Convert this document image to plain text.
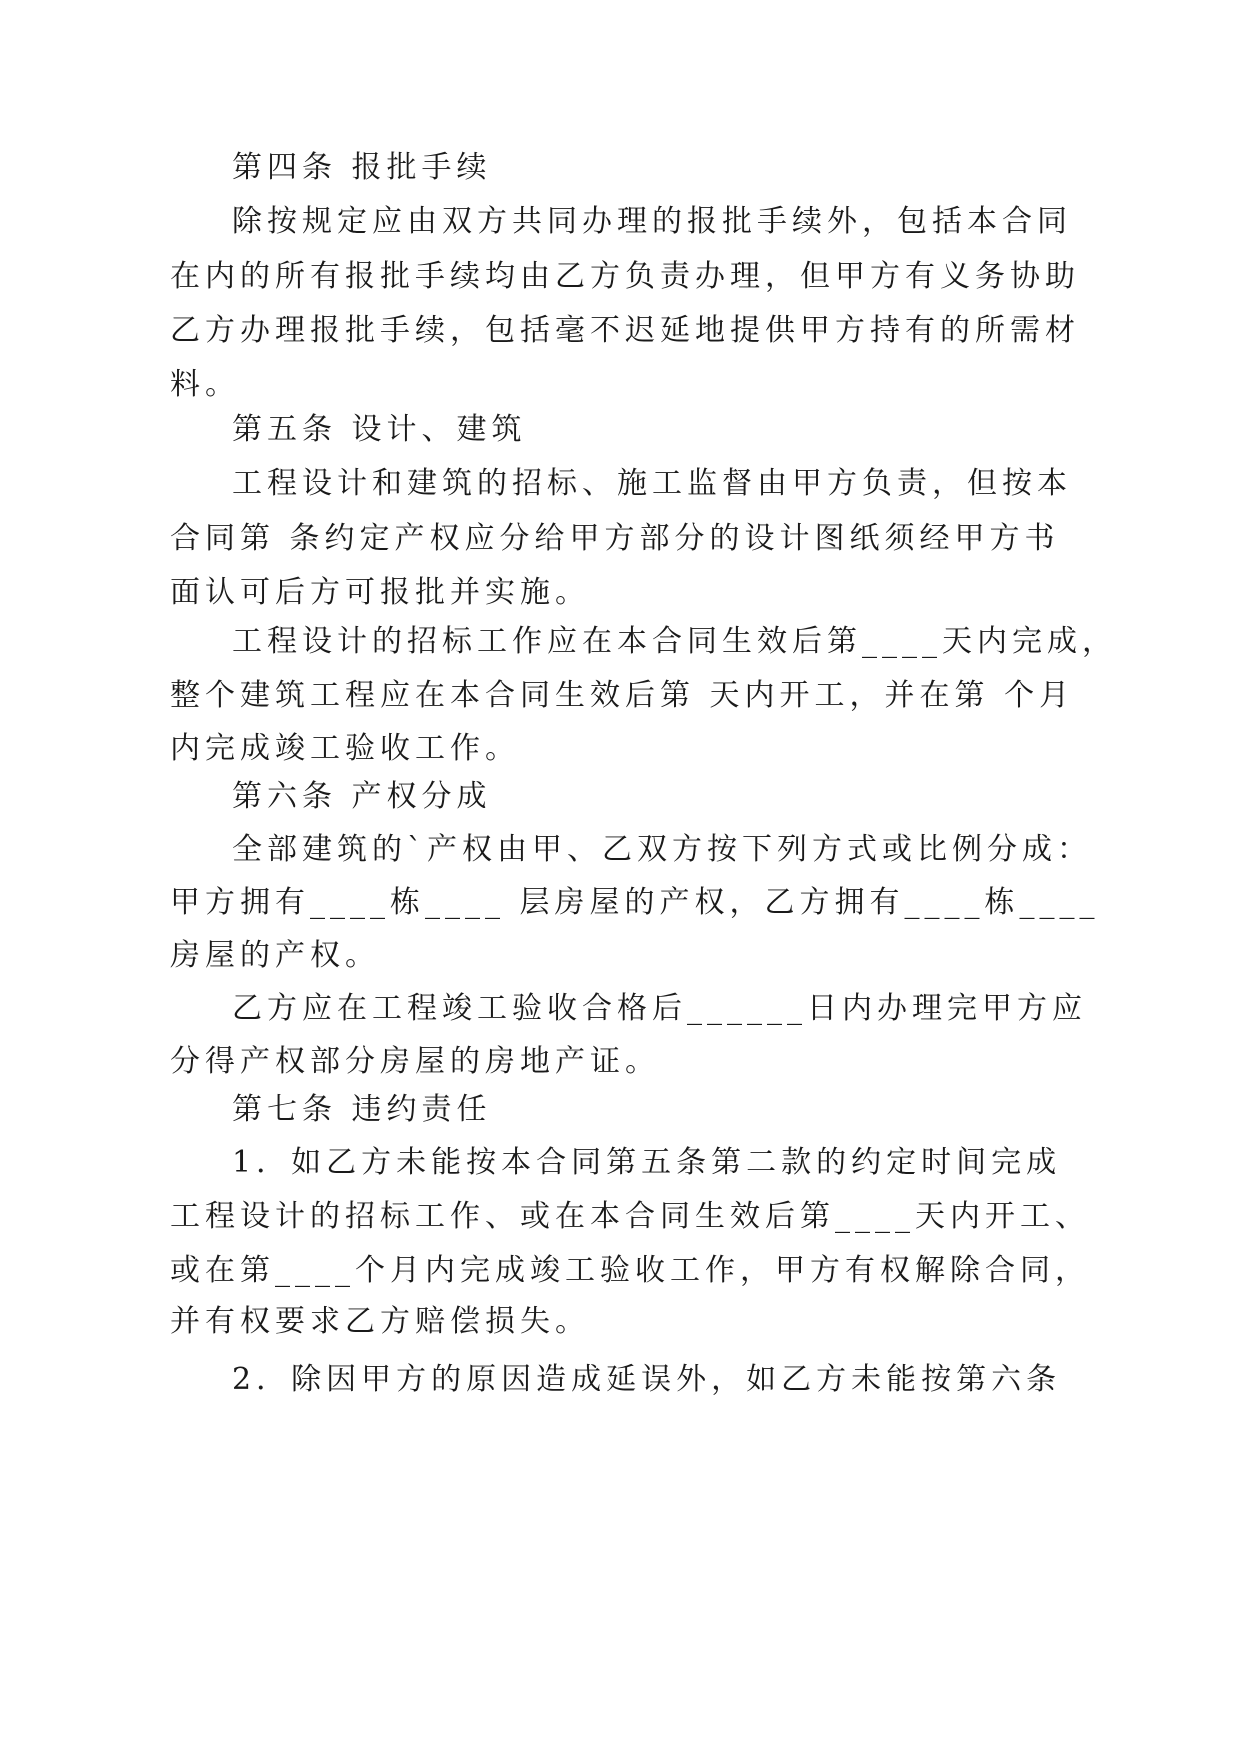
第四条 报批手续
除按规定应由双方共同办理的报批手续外，包括本合同
在内的所有报批手续均由乙方负责办理，但甲方有义务协助
乙方办理报批手续，包括毫不迟延地提供甲方持有的所需材
料。
第五条 设计、建筑
工程设计和建筑的招标、施工监督由甲方负责，但按本
合同第 条约定产权应分给甲方部分的设计图纸须经甲方书
面认可后方可报批并实施。
工程设计的招标工作应在本合同生效后第____天内完成，
整个建筑工程应在本合同生效后第 天内开工，并在第 个月
内完成竣工验收工作。
第六条 产权分成
全部建筑的`产权由甲、乙双方按下列方式或比例分成：
甲方拥有____栋____ 层房屋的产权，乙方拥有____栋____
房屋的产权。
乙方应在工程竣工验收合格后______日内办理完甲方应
分得产权部分房屋的房地产证。
第七条 违约责任
1．如乙方未能按本合同第五条第二款的约定时间完成
工程设计的招标工作、或在本合同生效后第____天内开工、
或在第____个月内完成竣工验收工作，甲方有权解除合同，
并有权要求乙方赔偿损失。
2．除因甲方的原因造成延误外，如乙方未能按第六条
